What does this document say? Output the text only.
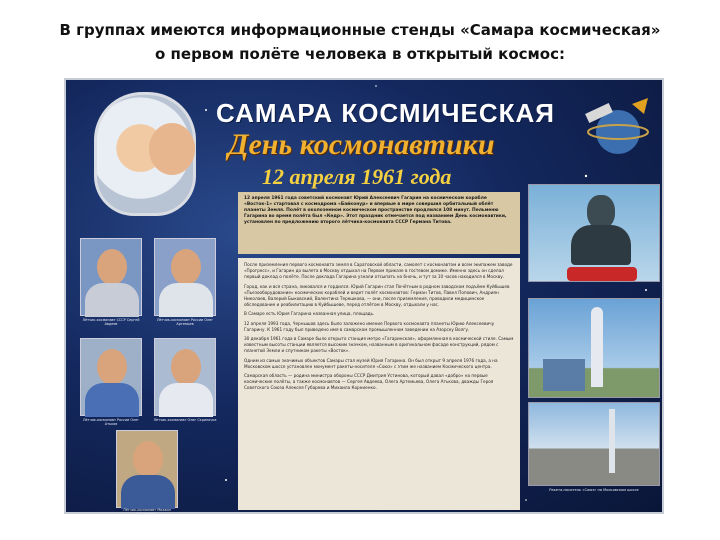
В группах имеются информационные стенды «Самара космическая»
о первом полёте человека в открытый космос:
САМАРА КОСМИЧЕСКАЯ
День космонавтики
12 апреля 1961 года
12 апреля 1961 года советский космонавт Юрий Алексеевич Гагарин на космическом корабле «Восток-1» стартовал с космодрома «Байконур» и впервые в мире совершил орбитальный облёт планеты Земля. Полёт в околоземном космическом пространстве продлился 108 минут. Пельменю Гагарина во время полёта был «Кедр». Этот праздник отмечается под названием День космонавтики, установлен по предложению второго лётчика-космонавта СССР Германа Титова.

После приземления первого космонавта земля в Саратовской области, самолет с космонавтом и всем экипажем заводе «Прогресс», и Гагарин до вылета в Москву отдыхал на Первом приказе в гостевом домике. Именно здесь он сделал первый доклад о полёте. После доклада Гагарина узнали отсыпать на 6ночь, и тут за 10 часов находился в Москву.

Город, как и вся страна, ликовался и гордился. Юрий Гагарин стал Почётным в родном заводском подъёме Куйбышев «Пьезооборудование» космических кораблей и ведет полёт космонавтов: Герман Титов, Павел Попович, Андриян Николаев, Валерий Быковский, Валентина Терешкова, — они, после приземления, проводили медицинское обследование и реабилитацию в Куйбышеве, перед отлётом в Москву, отдыхали у нас.

В Самаре есть Юрия Гагарина названная улица, площадь.

12 апреля 1993 года, Чернышов здесь было заложено имение Первого космонавта планеты Юрию Алексеевичу Гагарину. К 1961 году был приведено имя в самарском промышленном заведении на Азорску Волгу.

30 декабря 1961 года в Самаре было открыто станция метро «Гагаринская», оформленная в космической стиле. Самым известным высоты станции является высоким значком, названным в оригинальном фасаде конструкций, рядом с планетой Земли и спутником ракеты «Восток».

Одним из самых значимых объектов Самары стал музей Юрия Гагарина. Он был открыт 9 апреля 1976 года, а на Московском шоссе установлен монумент ракеты-носителя «Союз» с этим же названием Космического центра.

Самарская область — родина министра обороны СССР Дмитрия Устинова, который давал «добро» на первые космические полёты, а также космонавтов — Сергея Авдеева, Олега Артемьева, Олега Атькова, дважды Героя Советского Союза Алексея Губарева и Михаила Корниенко.

Лётчик-космонавт СССР Сергей Авдеев
Лётчик-космонавт России Олег Артемьев
Лётчик-космонавт России Олег Атьков
Лётчик-космонавт Олег Скрипочка
Лётчик-космонавт Михаил Корниенко
Ракета-носитель «Союз» на Московском шоссе
